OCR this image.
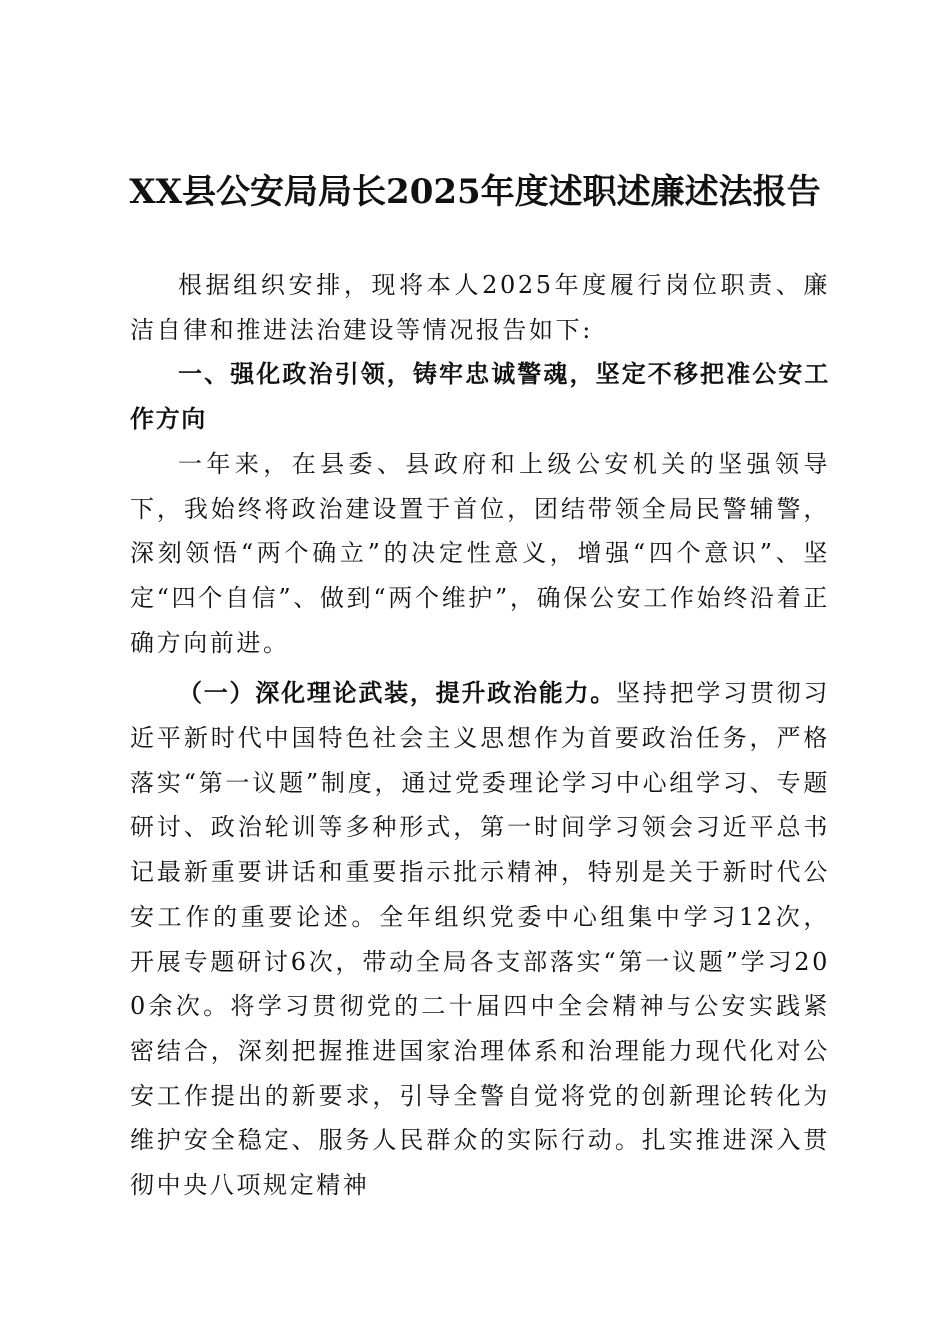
XX县公安局局长2025年度述职述廉述法报告

根据组织安排，现将本人2025年度履行岗位职责、廉洁自律和推进法治建设等情况报告如下:

一、强化政治引领，铸牢忠诚警魂，坚定不移把准公安工作方向

一年来，在县委、县政府和上级公安机关的坚强领导下，我始终将政治建设置于首位，团结带领全局民警辅警，深刻领悟“两个确立”的决定性意义，增强“四个意识”、坚定“四个自信”、做到“两个维护”，确保公安工作始终沿着正确方向前进。

（一）深化理论武装，提升政治能力。坚持把学习贯彻习近平新时代中国特色社会主义思想作为首要政治任务，严格落实“第一议题”制度，通过党委理论学习中心组学习、专题研讨、政治轮训等多种形式，第一时间学习领会习近平总书记最新重要讲话和重要指示批示精神，特别是关于新时代公安工作的重要论述。全年组织党委中心组集中学习12次，开展专题研讨6次，带动全局各支部落实“第一议题”学习200余次。将学习贯彻党的二十届四中全会精神与公安实践紧密结合，深刻把握推进国家治理体系和治理能力现代化对公安工作提出的新要求，引导全警自觉将党的创新理论转化为维护安全稳定、服务人民群众的实际行动。扎实推进深入贯彻中央八项规定精神
